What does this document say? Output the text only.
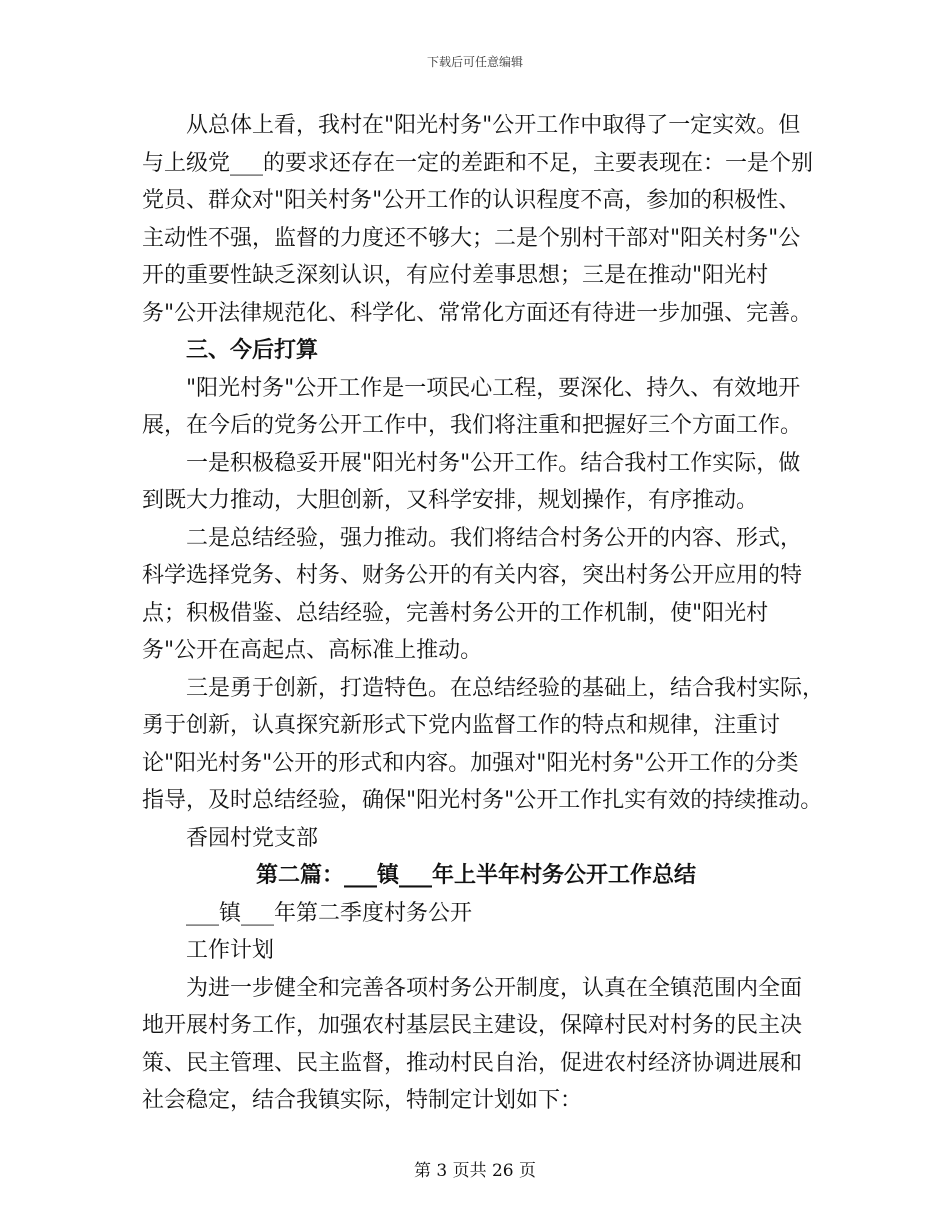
下载后可任意编辑
从总体上看，我村在"阳光村务"公开工作中取得了一定实效。但
与上级党___的要求还存在一定的差距和不足，主要表现在：一是个别
党员、群众对"阳关村务"公开工作的认识程度不高，参加的积极性、
主动性不强，监督的力度还不够大；二是个别村干部对"阳关村务"公
开的重要性缺乏深刻认识，有应付差事思想；三是在推动"阳光村
务"公开法律规范化、科学化、常常化方面还有待进一步加强、完善。
三、今后打算
"阳光村务"公开工作是一项民心工程，要深化、持久、有效地开
展，在今后的党务公开工作中，我们将注重和把握好三个方面工作。
一是积极稳妥开展"阳光村务"公开工作。结合我村工作实际，做
到既大力推动，大胆创新，又科学安排，规划操作，有序推动。
二是总结经验，强力推动。我们将结合村务公开的内容、形式，
科学选择党务、村务、财务公开的有关内容，突出村务公开应用的特
点；积极借鉴、总结经验，完善村务公开的工作机制，使"阳光村
务"公开在高起点、高标准上推动。
三是勇于创新，打造特色。在总结经验的基础上，结合我村实际，
勇于创新，认真探究新形式下党内监督工作的特点和规律，注重讨
论"阳光村务"公开的形式和内容。加强对"阳光村务"公开工作的分类
指导，及时总结经验，确保"阳光村务"公开工作扎实有效的持续推动。
香园村党支部
第二篇：___镇___年上半年村务公开工作总结
___镇___年第二季度村务公开
工作计划
为进一步健全和完善各项村务公开制度，认真在全镇范围内全面
地开展村务工作，加强农村基层民主建设，保障村民对村务的民主决
策、民主管理、民主监督，推动村民自治，促进农村经济协调进展和
社会稳定，结合我镇实际，特制定计划如下：
第 3 页共 26 页
